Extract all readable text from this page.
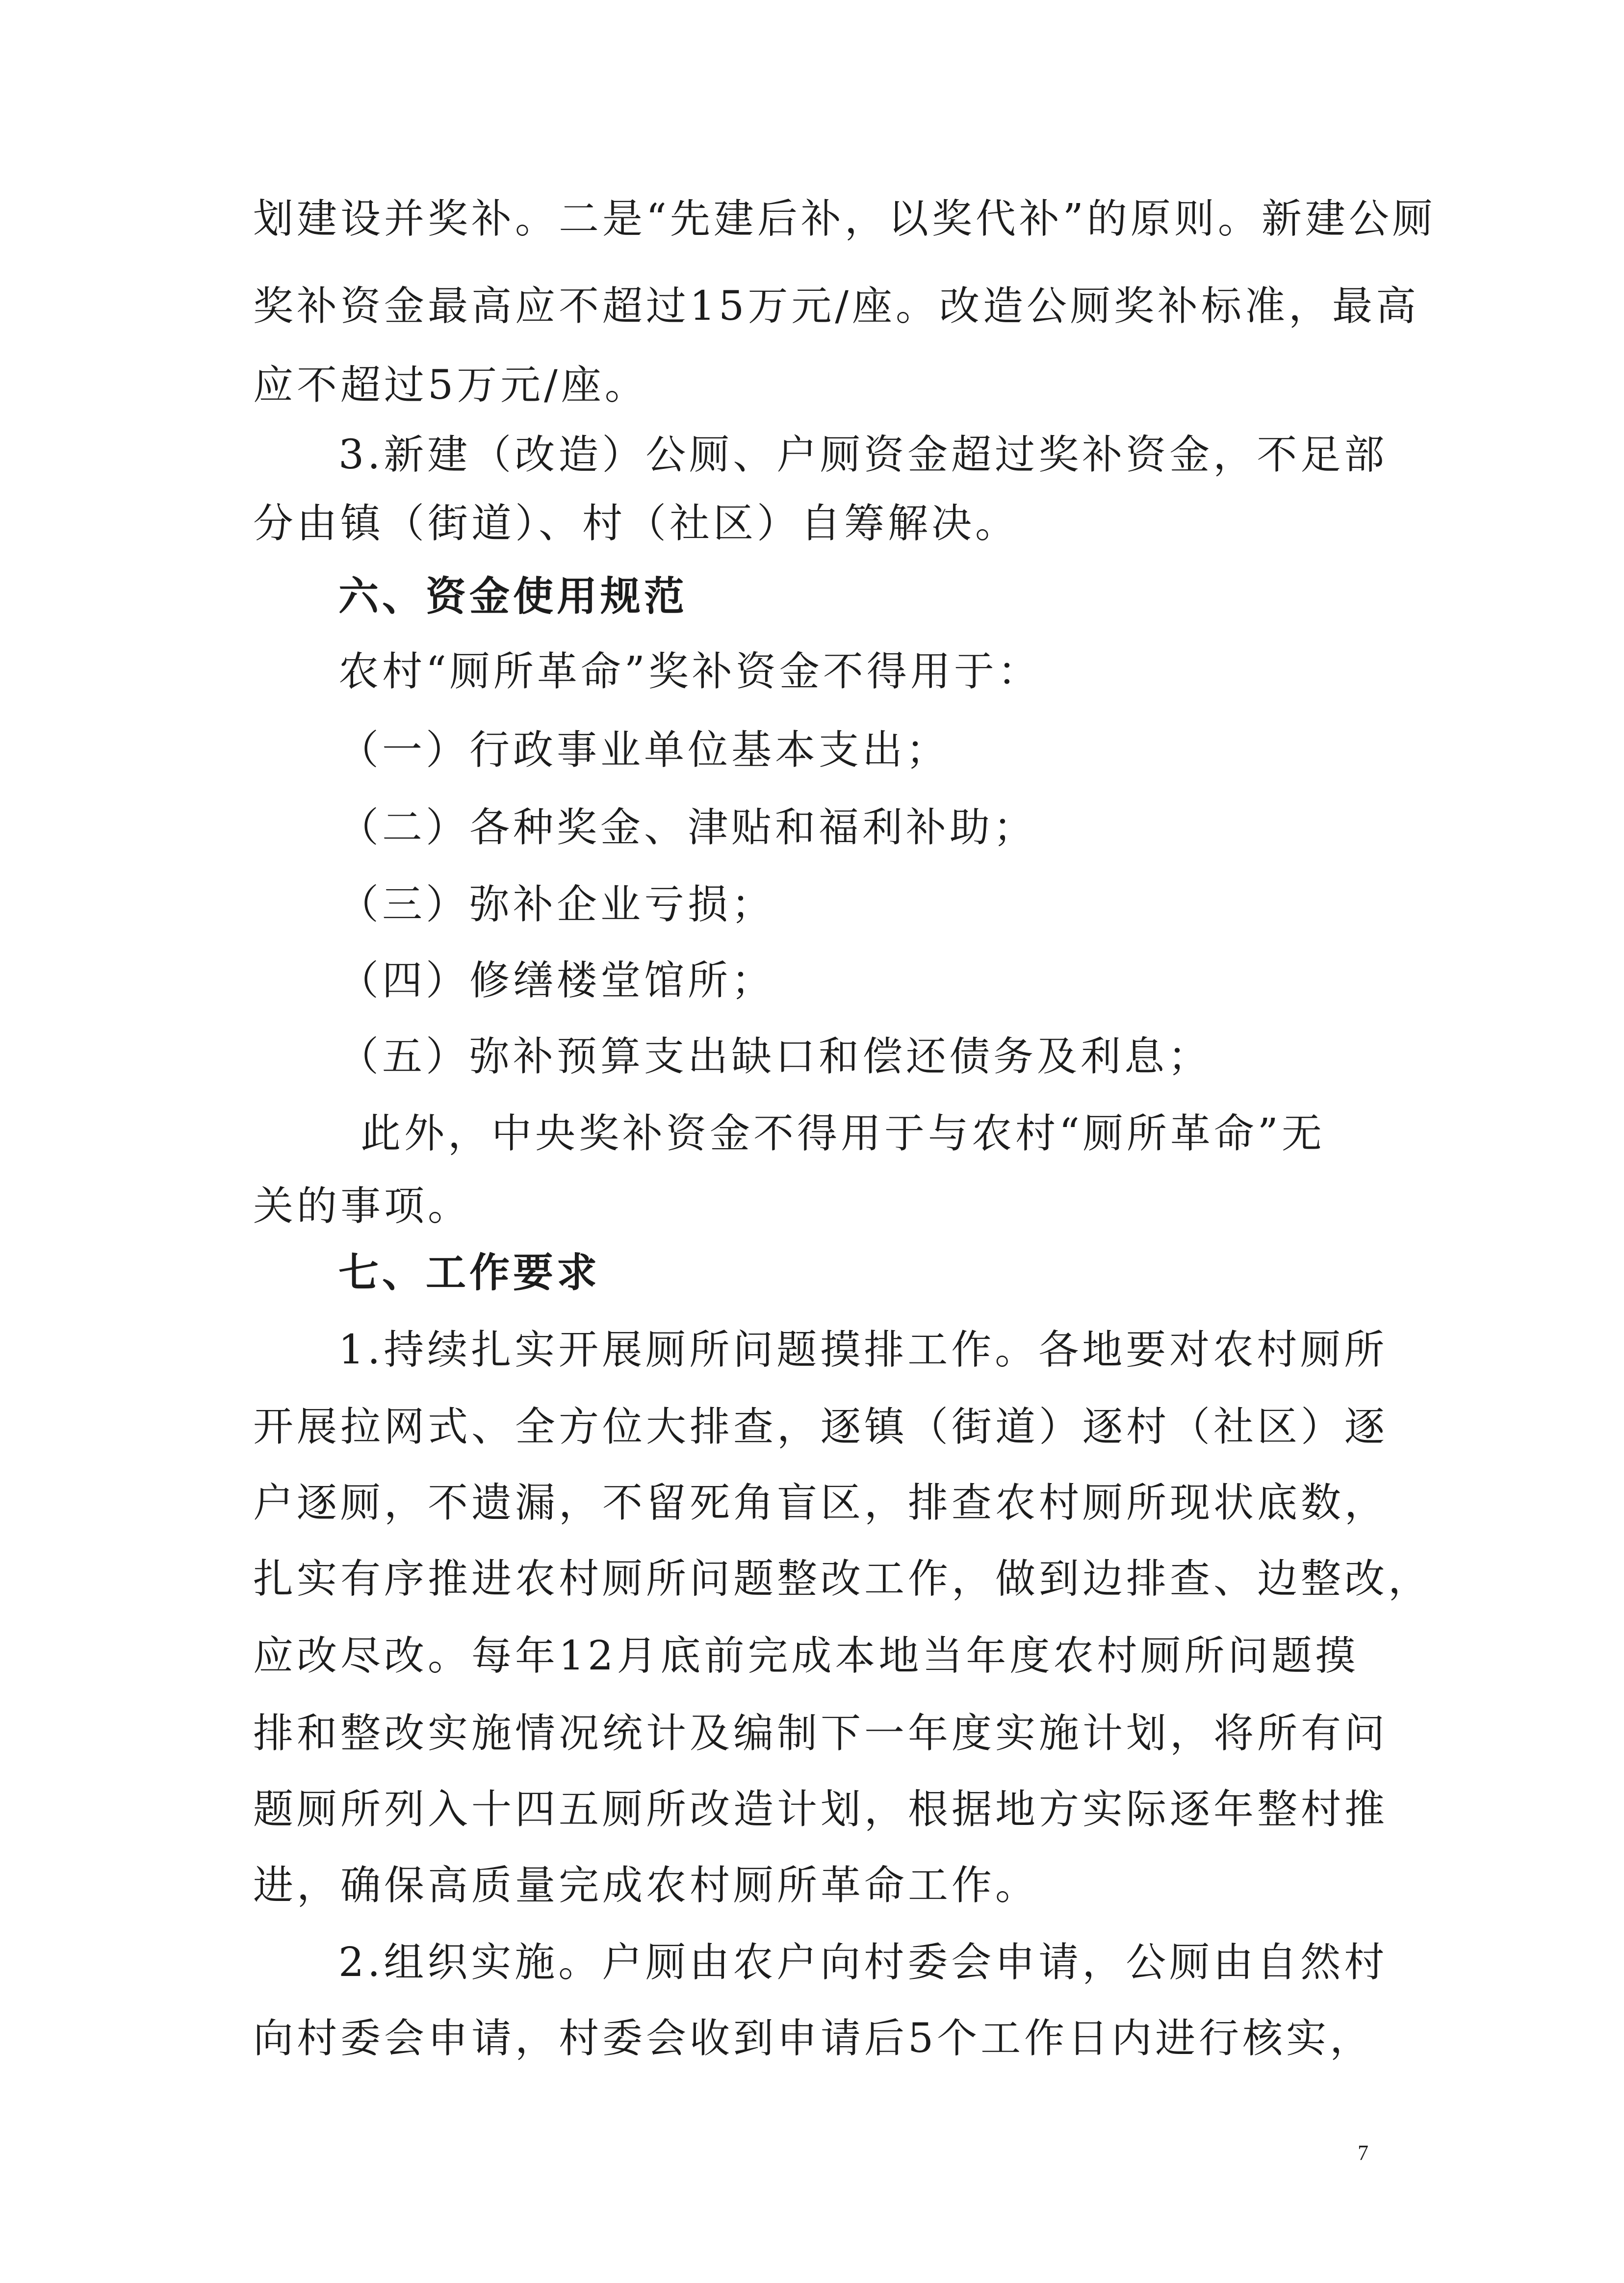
划建设并奖补。二是“先建后补，以奖代补”的原则。新建公厕
奖补资金最高应不超过15万元/座。改造公厕奖补标准，最高
应不超过5万元/座。
3.新建（改造）公厕、户厕资金超过奖补资金，不足部
分由镇（街道）、村（社区）自筹解决。
六、资金使用规范
农村“厕所革命”奖补资金不得用于：
（一）行政事业单位基本支出；
（二）各种奖金、津贴和福利补助；
（三）弥补企业亏损；
（四）修缮楼堂馆所；
（五）弥补预算支出缺口和偿还债务及利息；
此外，中央奖补资金不得用于与农村“厕所革命”无
关的事项。
七、工作要求
1.持续扎实开展厕所问题摸排工作。各地要对农村厕所
开展拉网式、全方位大排查，逐镇（街道）逐村（社区）逐
户逐厕，不遗漏，不留死角盲区，排查农村厕所现状底数，
扎实有序推进农村厕所问题整改工作，做到边排查、边整改，
应改尽改。每年12月底前完成本地当年度农村厕所问题摸
排和整改实施情况统计及编制下一年度实施计划，将所有问
题厕所列入十四五厕所改造计划，根据地方实际逐年整村推
进，确保高质量完成农村厕所革命工作。
2.组织实施。户厕由农户向村委会申请，公厕由自然村
向村委会申请，村委会收到申请后5个工作日内进行核实，
7
